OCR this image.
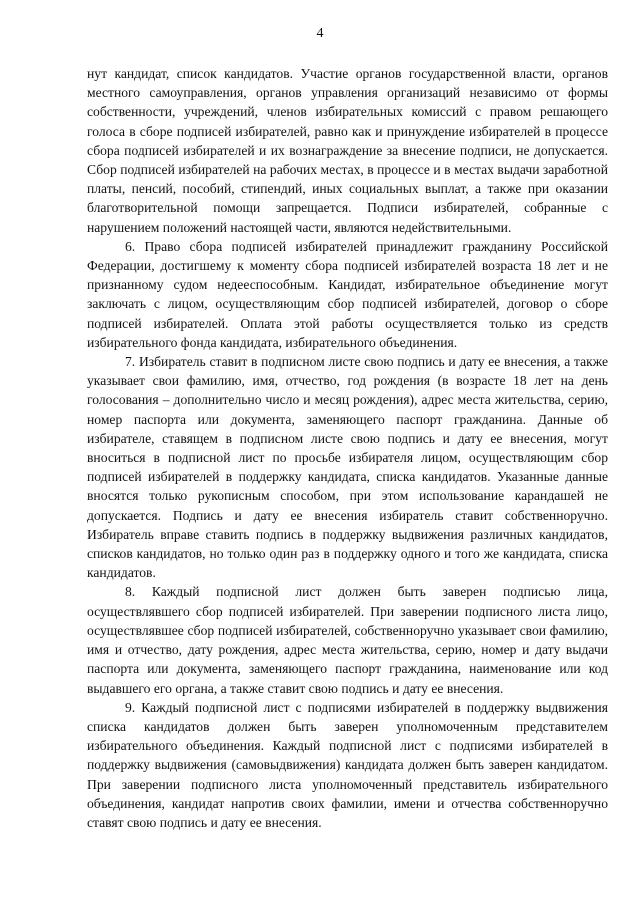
4

нут кандидат, список кандидатов. Участие органов государственной власти, органов местного самоуправления, органов управления организаций независимо от формы собственности, учреждений, членов избирательных комиссий с правом решающего голоса в сборе подписей избирателей, равно как и принуждение избирателей в процессе сбора подписей избирателей и их вознаграждение за внесение подписи, не допускается. Сбор подписей избирателей на рабочих местах, в процессе и в местах выдачи заработной платы, пенсий, пособий, стипендий, иных социальных выплат, а также при оказании благотворительной помощи запрещается. Подписи избирателей, собранные с нарушением положений настоящей части, являются недействительными.

6. Право сбора подписей избирателей принадлежит гражданину Российской Федерации, достигшему к моменту сбора подписей избирателей возраста 18 лет и не признанному судом недееспособным. Кандидат, избирательное объединение могут заключать с лицом, осуществляющим сбор подписей избирателей, договор о сборе подписей избирателей. Оплата этой работы осуществляется только из средств избирательного фонда кандидата, избирательного объединения.

7. Избиратель ставит в подписном листе свою подпись и дату ее внесения, а также указывает свои фамилию, имя, отчество, год рождения (в возрасте 18 лет на день голосования – дополнительно число и месяц рождения), адрес места жительства, серию, номер паспорта или документа, заменяющего паспорт гражданина. Данные об избирателе, ставящем в подписном листе свою подпись и дату ее внесения, могут вноситься в подписной лист по просьбе избирателя лицом, осуществляющим сбор подписей избирателей в поддержку кандидата, списка кандидатов. Указанные данные вносятся только рукописным способом, при этом использование карандашей не допускается. Подпись и дату ее внесения избиратель ставит собственноручно. Избиратель вправе ставить подпись в поддержку выдвижения различных кандидатов, списков кандидатов, но только один раз в поддержку одного и того же кандидата, списка кандидатов.

8. Каждый подписной лист должен быть заверен подписью лица, осуществлявшего сбор подписей избирателей. При заверении подписного листа лицо, осуществлявшее сбор подписей избирателей, собственноручно указывает свои фамилию, имя и отчество, дату рождения, адрес места жительства, серию, номер и дату выдачи паспорта или документа, заменяющего паспорт гражданина, наименование или код выдавшего его органа, а также ставит свою подпись и дату ее внесения.

9. Каждый подписной лист с подписями избирателей в поддержку выдвижения списка кандидатов должен быть заверен уполномоченным представителем избирательного объединения. Каждый подписной лист с подписями избирателей в поддержку выдвижения (самовыдвижения) кандидата должен быть заверен кандидатом. При заверении подписного листа уполномоченный представитель избирательного объединения, кандидат напротив своих фамилии, имени и отчества собственноручно ставят свою подпись и дату ее внесения.
